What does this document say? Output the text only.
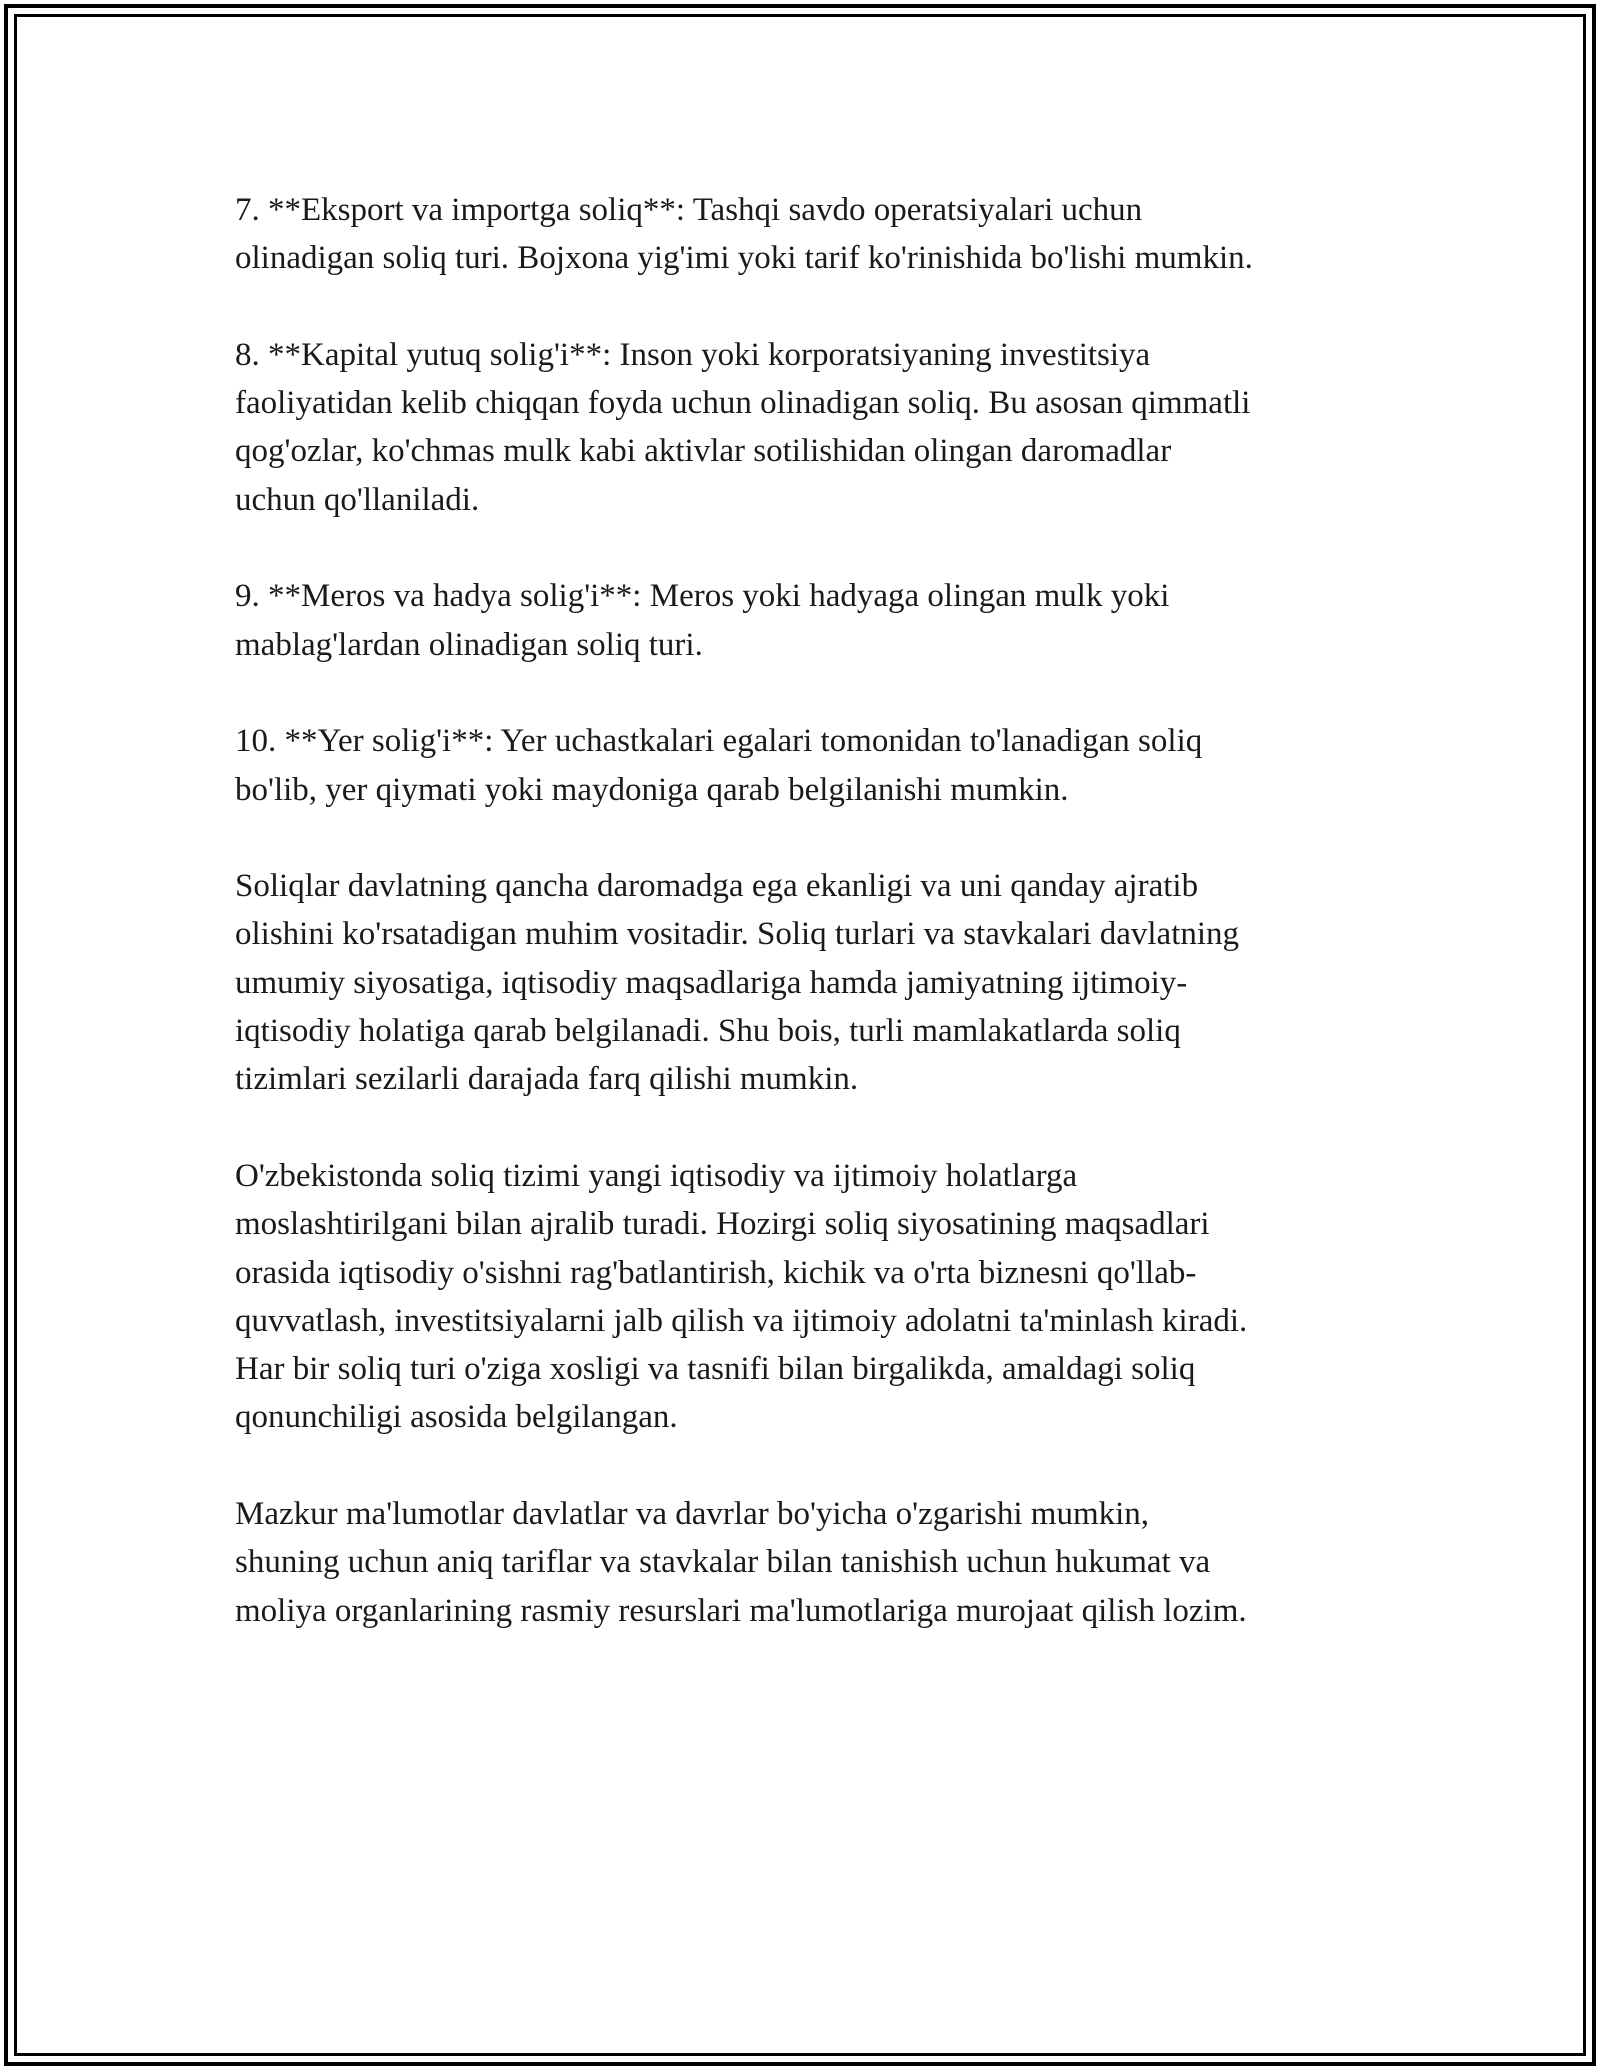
7. **Eksport va importga soliq**: Tashqi savdo operatsiyalari uchun
olinadigan soliq turi. Bojxona yig'imi yoki tarif ko'rinishida bo'lishi mumkin.

8. **Kapital yutuq solig'i**: Inson yoki korporatsiyaning investitsiya
faoliyatidan kelib chiqqan foyda uchun olinadigan soliq. Bu asosan qimmatli
qog'ozlar, ko'chmas mulk kabi aktivlar sotilishidan olingan daromadlar
uchun qo'llaniladi.

9. **Meros va hadya solig'i**: Meros yoki hadyaga olingan mulk yoki
mablag'lardan olinadigan soliq turi.

10. **Yer solig'i**: Yer uchastkalari egalari tomonidan to'lanadigan soliq
bo'lib, yer qiymati yoki maydoniga qarab belgilanishi mumkin.

Soliqlar davlatning qancha daromadga ega ekanligi va uni qanday ajratib
olishini ko'rsatadigan muhim vositadir. Soliq turlari va stavkalari davlatning
umumiy siyosatiga, iqtisodiy maqsadlariga hamda jamiyatning ijtimoiy-
iqtisodiy holatiga qarab belgilanadi. Shu bois, turli mamlakatlarda soliq
tizimlari sezilarli darajada farq qilishi mumkin.

O'zbekistonda soliq tizimi yangi iqtisodiy va ijtimoiy holatlarga
moslashtirilgani bilan ajralib turadi. Hozirgi soliq siyosatining maqsadlari
orasida iqtisodiy o'sishni rag'batlantirish, kichik va o'rta biznesni qo'llab-
quvvatlash, investitsiyalarni jalb qilish va ijtimoiy adolatni ta'minlash kiradi.
Har bir soliq turi o'ziga xosligi va tasnifi bilan birgalikda, amaldagi soliq
qonunchiligi asosida belgilangan.

Mazkur ma'lumotlar davlatlar va davrlar bo'yicha o'zgarishi mumkin,
shuning uchun aniq tariflar va stavkalar bilan tanishish uchun hukumat va
moliya organlarining rasmiy resurslari ma'lumotlariga murojaat qilish lozim.
